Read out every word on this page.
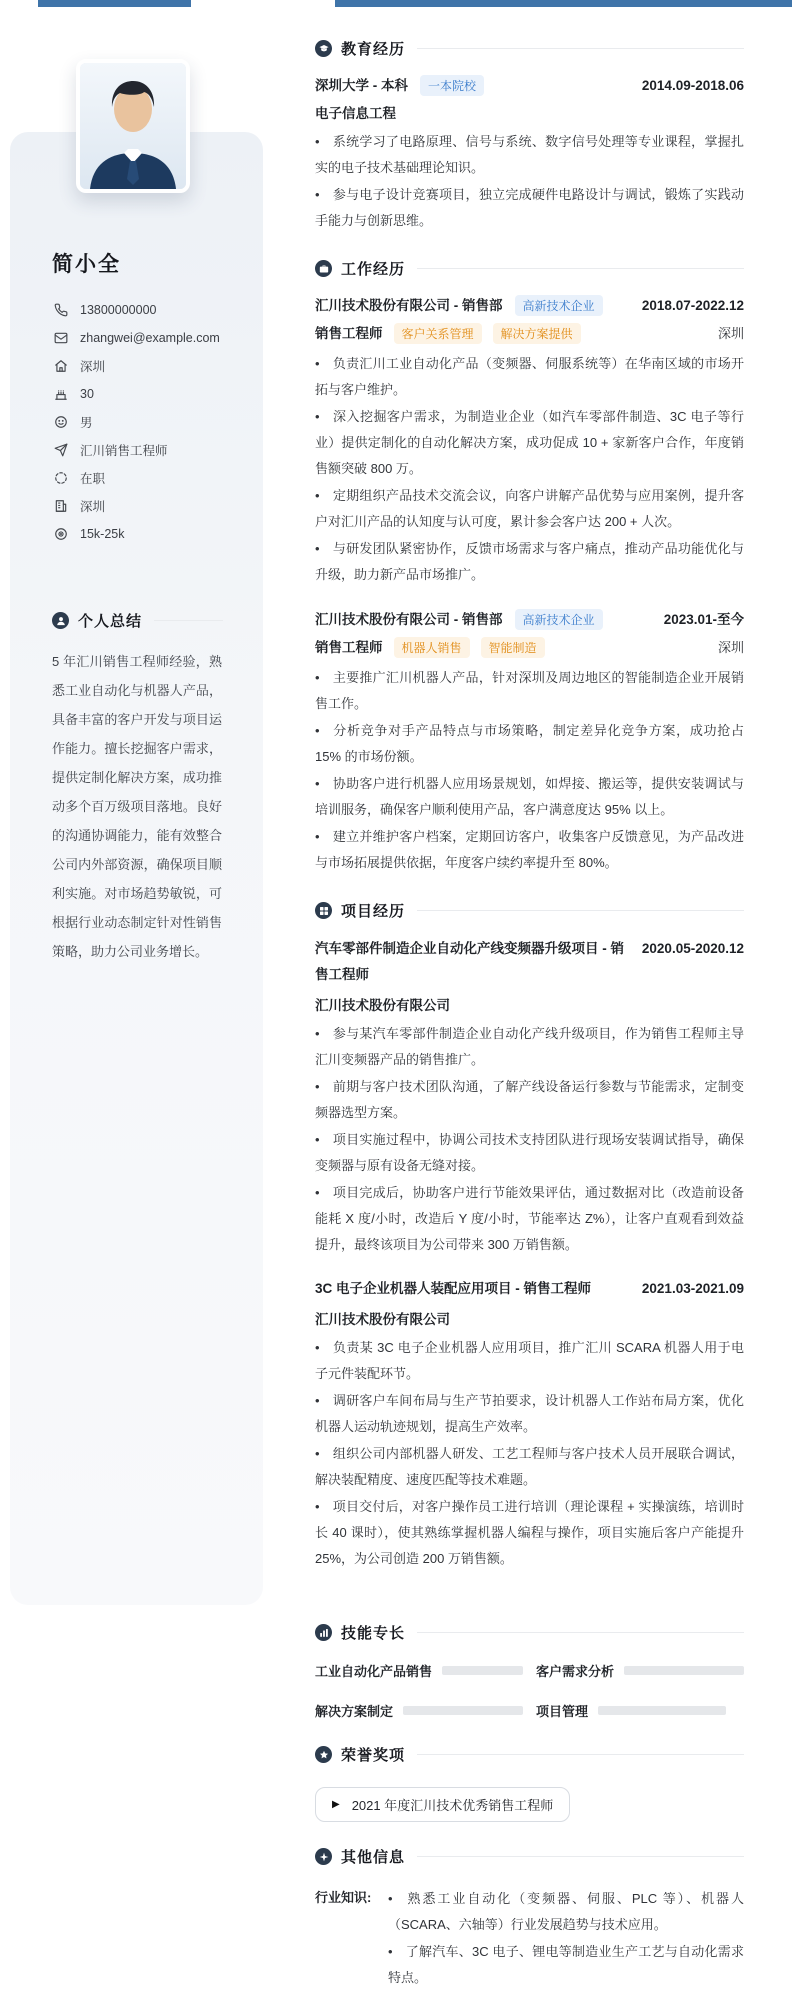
简小全
13800000000
zhangwei@example.com
深圳
30
男
汇川销售工程师
在职
深圳
15k-25k
个人总结

5 年汇川销售工程师经验，熟悉工业自动化与机器人产品，具备丰富的客户开发与项目运作能力。擅长挖掘客户需求，提供定制化解决方案，成功推动多个百万级项目落地。良好的沟通协调能力，能有效整合公司内外部资源，确保项目顺利实施。对市场趋势敏锐，可根据行业动态制定针对性销售策略，助力公司业务增长。

教育经历
深圳大学 - 本科	一本院校	2014.09-2018.06
电子信息工程

• 系统学习了电路原理、信号与系统、数字信号处理等专业课程，掌握扎实的电子技术基础理论知识。

• 参与电子设计竞赛项目，独立完成硬件电路设计与调试，锻炼了实践动手能力与创新思维。

工作经历
汇川技术股份有限公司 - 销售部	高新技术企业	2018.07-2022.12
销售工程师	客户关系管理	解决方案提供	深圳

• 负责汇川工业自动化产品（变频器、伺服系统等）在华南区域的市场开拓与客户维护。

• 深入挖掘客户需求，为制造业企业（如汽车零部件制造、3C 电子等行业）提供定制化的自动化解决方案，成功促成 10 + 家新客户合作，年度销售额突破 800 万。

• 定期组织产品技术交流会议，向客户讲解产品优势与应用案例，提升客户对汇川产品的认知度与认可度，累计参会客户达 200 + 人次。

• 与研发团队紧密协作，反馈市场需求与客户痛点，推动产品功能优化与升级，助力新产品市场推广。

汇川技术股份有限公司 - 销售部	高新技术企业	2023.01-至今
销售工程师	机器人销售	智能制造	深圳

• 主要推广汇川机器人产品，针对深圳及周边地区的智能制造企业开展销售工作。

• 分析竞争对手产品特点与市场策略，制定差异化竞争方案，成功抢占 15% 的市场份额。

• 协助客户进行机器人应用场景规划，如焊接、搬运等，提供安装调试与培训服务，确保客户顺利使用产品，客户满意度达 95% 以上。

• 建立并维护客户档案，定期回访客户，收集客户反馈意见，为产品改进与市场拓展提供依据，年度客户续约率提升至 80%。

项目经历
汽车零部件制造企业自动化产线变频器升级项目 - 销售工程师
2020.05-2020.12
汇川技术股份有限公司

• 参与某汽车零部件制造企业自动化产线升级项目，作为销售工程师主导汇川变频器产品的销售推广。

• 前期与客户技术团队沟通，了解产线设备运行参数与节能需求，定制变频器选型方案。

• 项目实施过程中，协调公司技术支持团队进行现场安装调试指导，确保变频器与原有设备无缝对接。

• 项目完成后，协助客户进行节能效果评估，通过数据对比（改造前设备能耗 X 度/小时，改造后 Y 度/小时，节能率达 Z%），让客户直观看到效益提升，最终该项目为公司带来 300 万销售额。

3C 电子企业机器人装配应用项目 - 销售工程师	2021.03-2021.09
汇川技术股份有限公司

• 负责某 3C 电子企业机器人应用项目，推广汇川 SCARA 机器人用于电子元件装配环节。

• 调研客户车间布局与生产节拍要求，设计机器人工作站布局方案，优化机器人运动轨迹规划，提高生产效率。

• 组织公司内部机器人研发、工艺工程师与客户技术人员开展联合调试，解决装配精度、速度匹配等技术难题。

• 项目交付后，对客户操作员工进行培训（理论课程 + 实操演练，培训时长 40 课时），使其熟练掌握机器人编程与操作，项目实施后客户产能提升 25%，为公司创造 200 万销售额。

技能专长
工业自动化产品销售	客户需求分析
解决方案制定	项目管理
荣誉奖项
▶ 2021 年度汇川技术优秀销售工程师
其他信息
行业知识:	• 熟悉工业自动化（变频器、伺服、PLC 等）、机器人（SCARA、六轴等）行业发展趋势与技术应用。

• 了解汽车、3C 电子、锂电等制造业生产工艺与自动化需求特点。
